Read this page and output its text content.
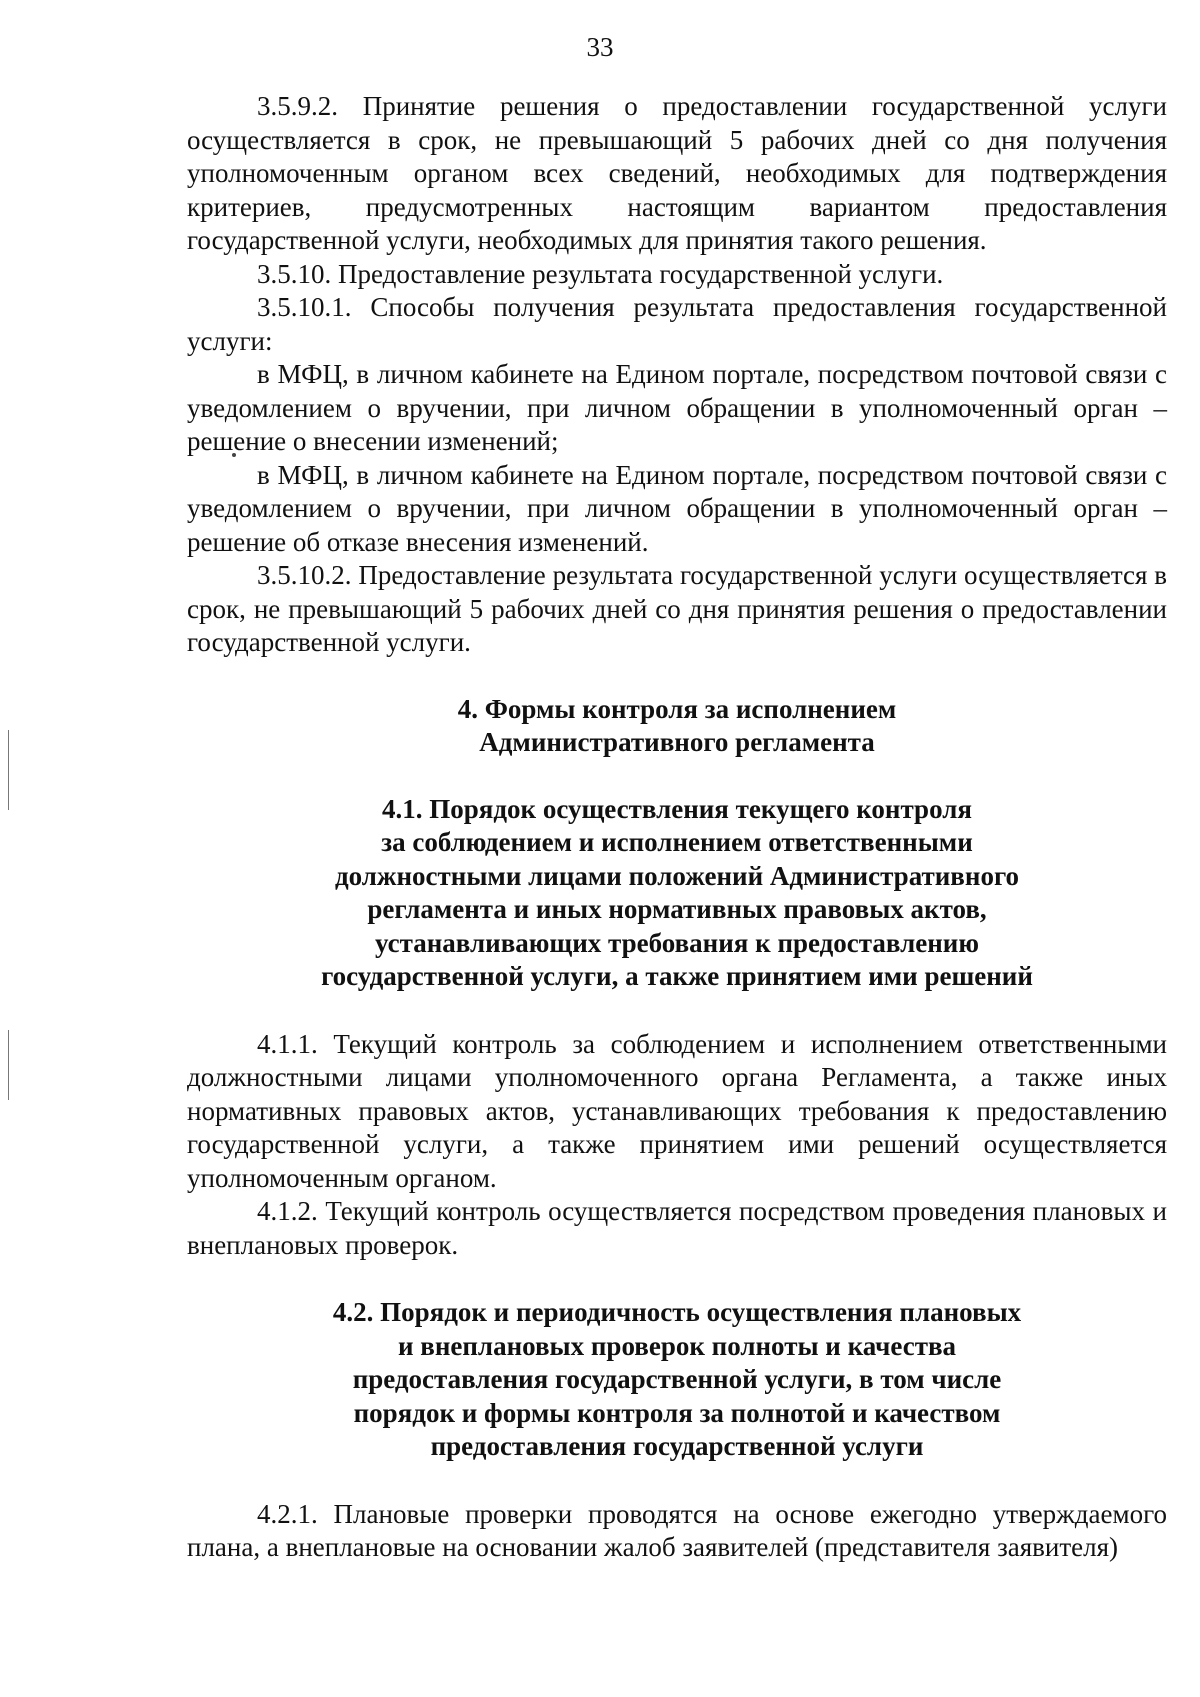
33

3.5.9.2. Принятие решения о предоставлении государственной услуги осуществляется в срок, не превышающий 5 рабочих дней со дня получения уполномоченным органом всех сведений, необходимых для подтверждения критериев, предусмотренных настоящим вариантом предоставления государственной услуги, необходимых для принятия такого решения.

3.5.10. Предоставление результата государственной услуги.

3.5.10.1. Способы получения результата предоставления государственной услуги:

в МФЦ, в личном кабинете на Едином портале, посредством почтовой связи с уведомлением о вручении, при личном обращении в уполномоченный орган – решение о внесении изменений;

в МФЦ, в личном кабинете на Едином портале, посредством почтовой связи с уведомлением о вручении, при личном обращении в уполномоченный орган – решение об отказе внесения изменений.

3.5.10.2. Предоставление результата государственной услуги осуществляется в срок, не превышающий 5 рабочих дней со дня принятия решения о предоставлении государственной услуги.

4. Формы контроля за исполнением
Административного регламента
4.1. Порядок осуществления текущего контроля
за соблюдением и исполнением ответственными
должностными лицами положений Административного
регламента и иных нормативных правовых актов,
устанавливающих требования к предоставлению
государственной услуги, а также принятием ими решений

4.1.1. Текущий контроль за соблюдением и исполнением ответственными должностными лицами уполномоченного органа Регламента, а также иных нормативных правовых актов, устанавливающих требования к предоставлению государственной услуги, а также принятием ими решений осуществляется уполномоченным органом.

4.1.2. Текущий контроль осуществляется посредством проведения плановых и внеплановых проверок.

4.2. Порядок и периодичность осуществления плановых
и внеплановых проверок полноты и качества
предоставления государственной услуги, в том числе
порядок и формы контроля за полнотой и качеством
предоставления государственной услуги

4.2.1. Плановые проверки проводятся на основе ежегодно утверждаемого плана, а внеплановые на основании жалоб заявителей (представителя заявителя)
